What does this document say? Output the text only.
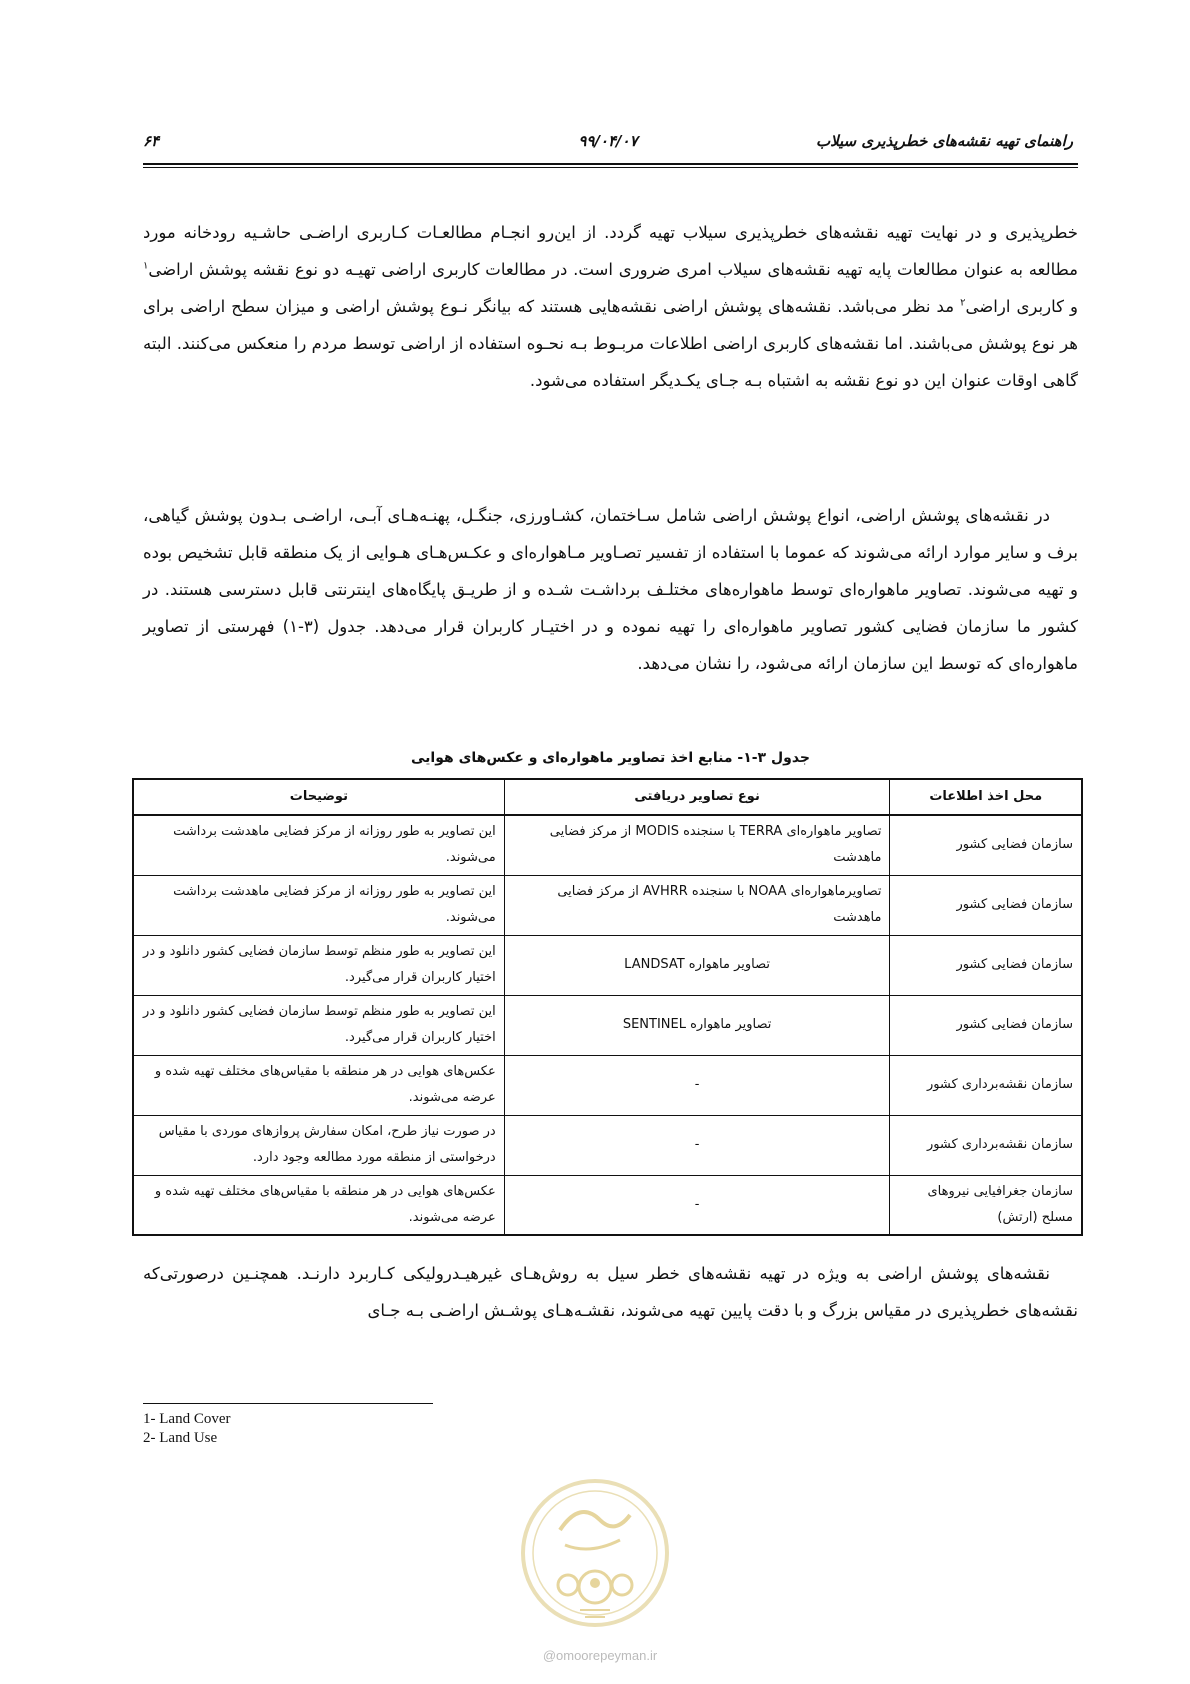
راهنمای تهیه نقشه‌های خطرپذیری سیلاب
۹۹/۰۴/۰۷
۶۴
خطرپذیری و در نهایت تهیه نقشه‌های خطرپذیری سیلاب تهیه گردد. از این‌رو انجـام مطالعـات کـاربری اراضـی حاشـیه رودخانه مورد مطالعه به عنوان مطالعات پایه تهیه نقشه‌های سیلاب امری ضروری است. در مطالعات کاربری اراضی تهیـه دو نوع نقشه پوشش اراضی$^۱$ و کاربری اراضی$^۲$ مد نظر می‌باشد. نقشه‌های پوشش اراضی نقشه‌هایی هستند که بیانگر نـوع پوشش اراضی و میزان سطح اراضی برای هر نوع پوشش می‌باشند. اما نقشه‌های کاربری اراضی اطلاعات مربـوط بـه نحـوه استفاده از اراضی توسط مردم را منعکس می‌کنند. البته گاهی اوقات عنوان این دو نوع نقشه به اشتباه بـه جـای یکـدیگر استفاده می‌شود.
در نقشه‌های پوشش اراضی، انواع پوشش اراضی شامل سـاختمان، کشـاورزی، جنگـل، پهنـه‌هـای آبـی، اراضـی بـدون پوشش گیاهی، برف و سایر موارد ارائه می‌شوند که عموما با استفاده از تفسیر تصـاویر مـاهواره‌ای و عکـس‌هـای هـوایی از یک منطقه قابل تشخیص بوده و تهیه می‌شوند. تصاویر ماهواره‌ای توسط ماهواره‌های مختلـف برداشـت شـده و از طریـق پایگاه‌های اینترنتی قابل دسترسی هستند. در کشور ما سازمان فضایی کشور تصاویر ماهواره‌ای را تهیه نموده و در اختیـار کاربران قرار می‌دهد. جدول (۳-۱) فهرستی از تصاویر ماهواره‌ای که توسط این سازمان ارائه می‌شود، را نشان می‌دهد.
جدول ۳-۱- منابع اخذ تصاویر ماهواره‌ای و عکس‌های هوایی
محل اخذ اطلاعات	نوع تصاویر دریافتی	توضیحات
سازمان فضایی کشور	تصاویر ماهواره‌ای TERRA با سنجنده MODIS از مرکز فضایی ماهدشت	این تصاویر به طور روزانه از مرکز فضایی ماهدشت برداشت می‌شوند.
سازمان فضایی کشور	تصاویرماهواره‌ای NOAA با سنجنده AVHRR از مرکز فضایی ماهدشت	این تصاویر به طور روزانه از مرکز فضایی ماهدشت برداشت می‌شوند.
سازمان فضایی کشور	تصاویر ماهواره LANDSAT	این تصاویر به طور منظم توسط سازمان فضایی کشور دانلود و در اختیار کاربران قرار می‌گیرد.
سازمان فضایی کشور	تصاویر ماهواره SENTINEL	این تصاویر به طور منظم توسط سازمان فضایی کشور دانلود و در اختیار کاربران قرار می‌گیرد.
سازمان نقشه‌برداری کشور	-	عکس‌های هوایی در هر منطقه با مقیاس‌های مختلف تهیه شده و عرضه می‌شوند.
سازمان نقشه‌برداری کشور	-	در صورت نیاز طرح، امکان سفارش پروازهای موردی با مقیاس درخواستی از منطقه مورد مطالعه وجود دارد.
سازمان جغرافیایی نیروهای مسلح (ارتش)	-	عکس‌های هوایی در هر منطقه با مقیاس‌های مختلف تهیه شده و عرضه می‌شوند.
نقشه‌های پوشش اراضی به ویژه در تهیه نقشه‌های خطر سیل به روش‌هـای غیرهیـدرولیکی کـاربرد دارنـد. همچنـین درصورتی‌که نقشه‌های خطرپذیری در مقیاس بزرگ و با دقت پایین تهیه می‌شوند، نقشـه‌هـای پوشـش اراضـی بـه جـای
1- Land Cover
2- Land Use
@omoorepeyman.ir
